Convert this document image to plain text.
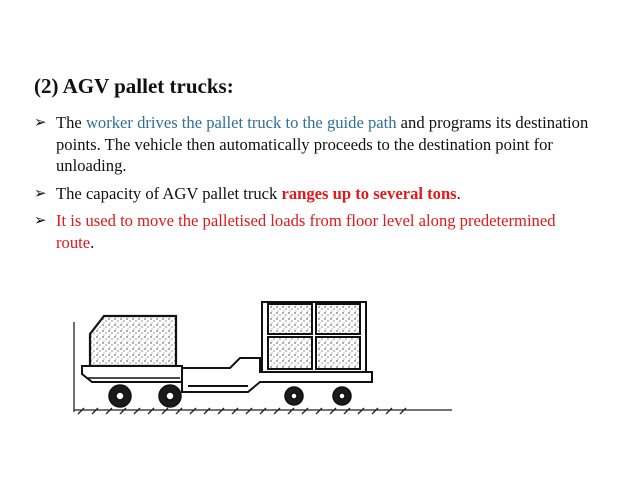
(2) AGV pallet trucks:
➢ The worker drives the pallet truck to the guide path and programs its destination points. The vehicle then automatically proceeds to the destination point for unloading.
➢ The capacity of AGV pallet truck ranges up to several tons.
➢ It is used to move the palletised loads from floor level along predetermined route.
